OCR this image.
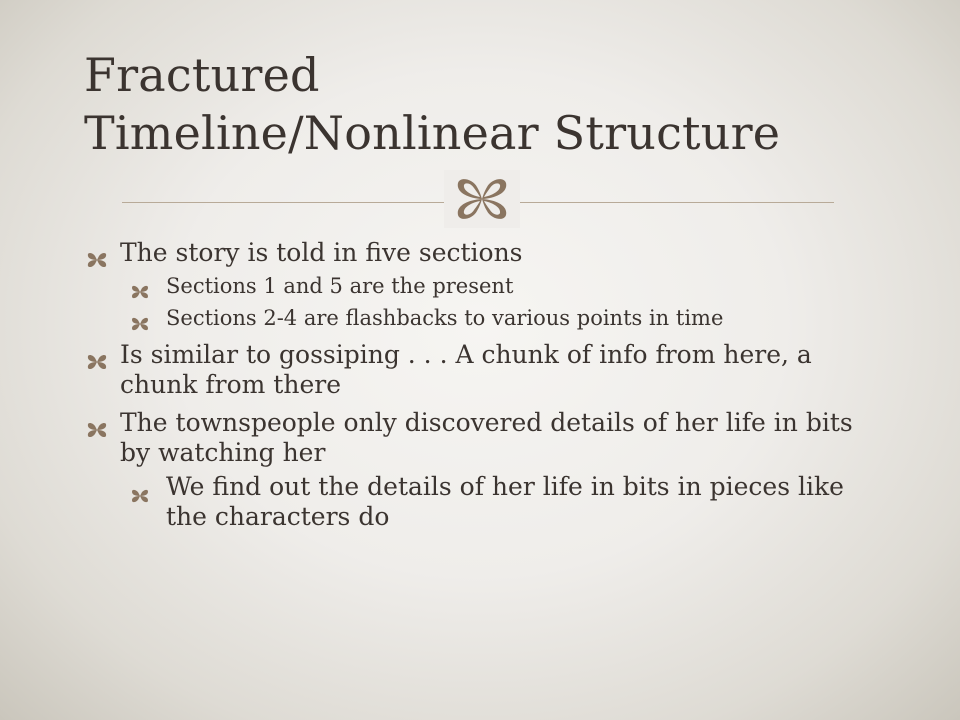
Fractured
Timeline/Nonlinear Structure
The story is told in five sections
Sections 1 and 5 are the present
Sections 2-4 are flashbacks to various points in time
Is similar to gossiping . . . A chunk of info from here, a chunk from there
The townspeople only discovered details of her life in bits by watching her
We find out the details of her life in bits in pieces like the characters do
